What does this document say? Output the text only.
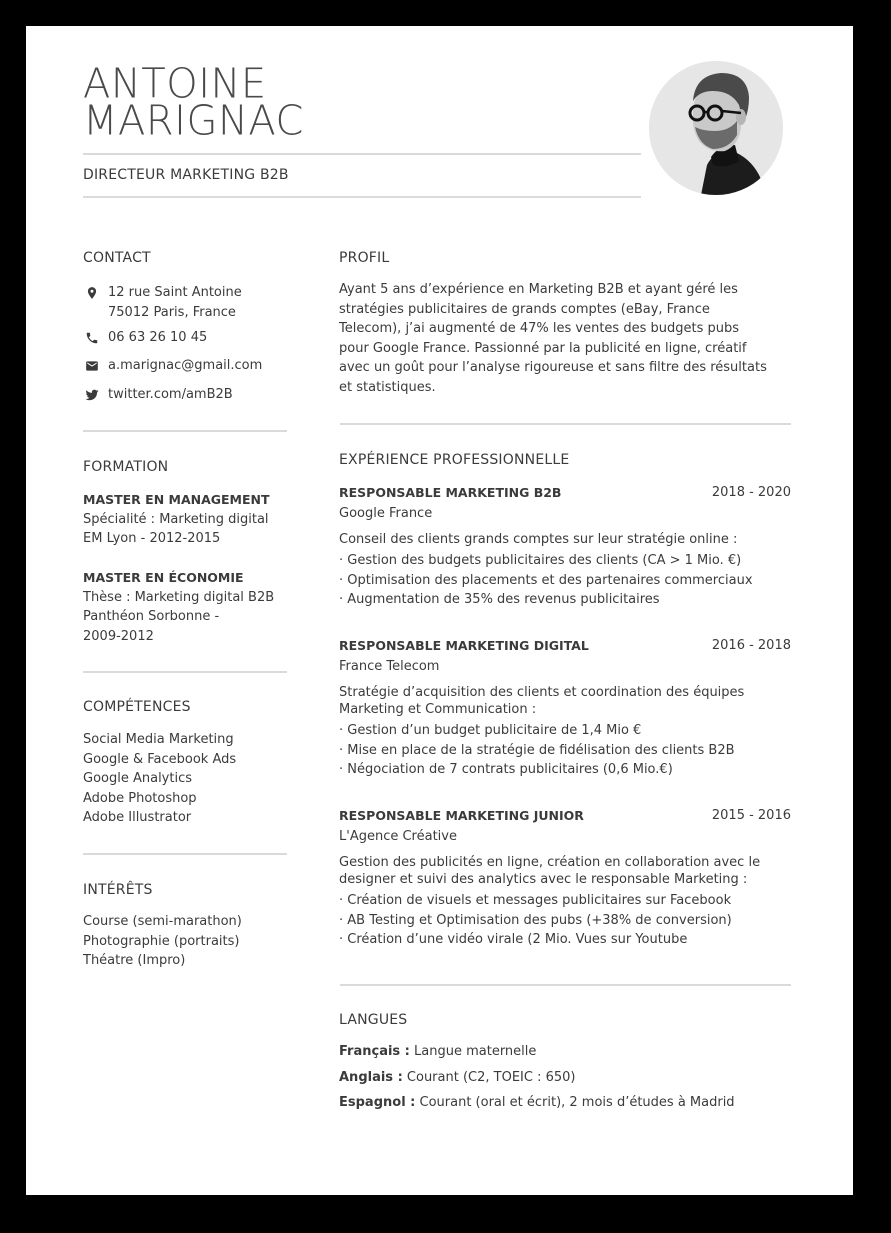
ANTOINE
MARIGNAC
DIRECTEUR MARKETING B2B
CONTACT
12 rue Saint Antoine
75012 Paris, France
06 63 26 10 45
a.marignac@gmail.com
twitter.com/amB2B
FORMATION
MASTER EN MANAGEMENT
Spécialité : Marketing digital
EM Lyon - 2012-2015
MASTER EN ÉCONOMIE
Thèse : Marketing digital B2B
Panthéon Sorbonne -
2009-2012
COMPÉTENCES
Social Media Marketing
Google & Facebook Ads
Google Analytics
Adobe Photoshop
Adobe Illustrator
INTÉRÊTS
Course (semi-marathon)
Photographie (portraits)
Théatre (Impro)
PROFIL
Ayant 5 ans d’expérience en Marketing B2B et ayant géré les
stratégies publicitaires de grands comptes (eBay, France
Telecom), j’ai augmenté de 47% les ventes des budgets pubs
pour Google France. Passionné par la publicité en ligne, créatif
avec un goût pour l’analyse rigoureuse et sans filtre des résultats
et statistiques.
EXPÉRIENCE PROFESSIONNELLE
RESPONSABLE MARKETING B2B	2018 - 2020
Google France
Conseil des clients grands comptes sur leur stratégie online :
· Gestion des budgets publicitaires des clients (CA > 1 Mio. €)
· Optimisation des placements et des partenaires commerciaux
· Augmentation de 35% des revenus publicitaires
RESPONSABLE MARKETING DIGITAL	2016 - 2018
France Telecom
Stratégie d’acquisition des clients et coordination des équipes Marketing et Communication :
· Gestion d’un budget publicitaire de 1,4 Mio €
· Mise en place de la stratégie de fidélisation des clients B2B
· Négociation de 7 contrats publicitaires (0,6 Mio.€)
RESPONSABLE MARKETING JUNIOR	2015 - 2016
L'Agence Créative
Gestion des publicités en ligne, création en collaboration avec le designer et suivi des analytics avec le responsable Marketing :
· Création de visuels et messages publicitaires sur Facebook
· AB Testing et Optimisation des pubs (+38% de conversion)
· Création d’une vidéo virale (2 Mio. Vues sur Youtube
LANGUES
Français : Langue maternelle
Anglais : Courant (C2, TOEIC : 650)
Espagnol : Courant (oral et écrit), 2 mois d’études à Madrid
